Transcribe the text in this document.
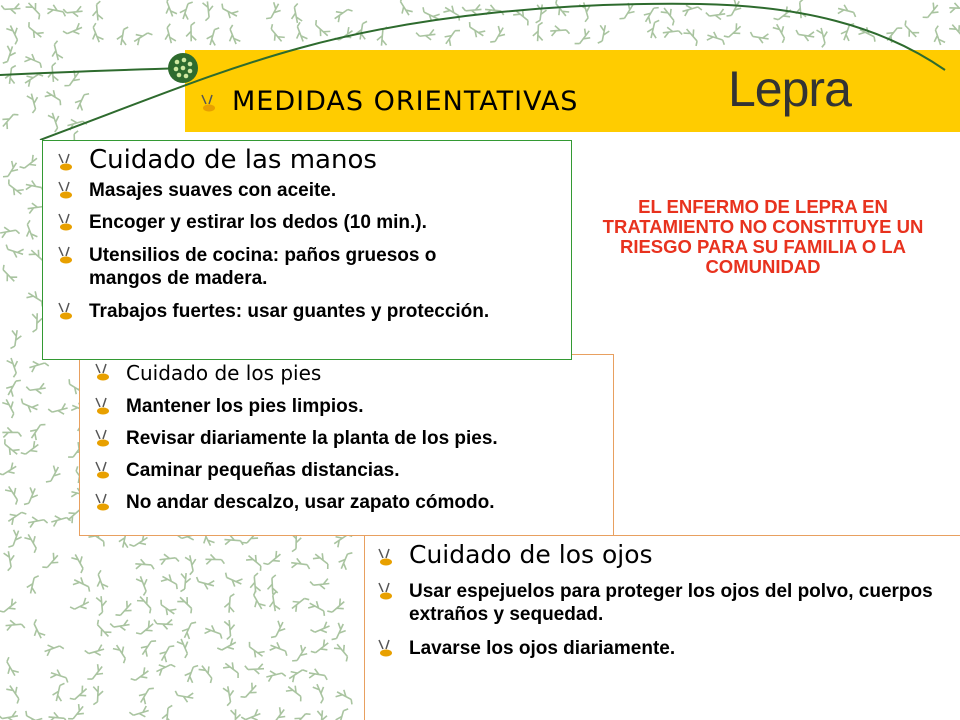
Lepra
MEDIDAS ORIENTATIVAS
EL ENFERMO DE LEPRA EN TRATAMIENTO NO CONSTITUYE UN RIESGO PARA SU FAMILIA O LA COMUNIDAD
Cuidado de las manos
Masajes suaves con aceite.
Encoger y estirar los dedos (10 min.).
Utensilios de cocina: paños gruesos o mangos de madera.
Trabajos fuertes: usar guantes y protección.
Cuidado de los pies
Mantener los pies limpios.
Revisar diariamente la planta de los pies.
Caminar pequeñas distancias.
No andar descalzo, usar zapato cómodo.
Cuidado de los ojos
Usar espejuelos para proteger los ojos del polvo, cuerpos extraños y sequedad.
Lavarse los ojos diariamente.
